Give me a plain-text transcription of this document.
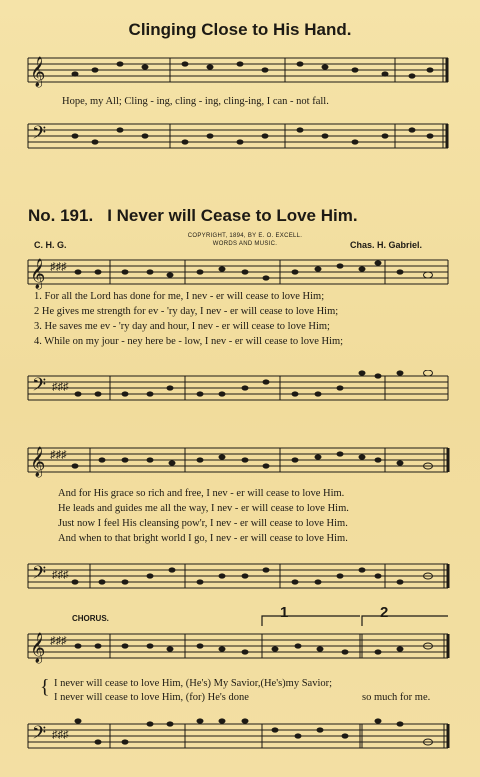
Clinging Close to His Hand.
𝄞
Hope, my All; Cling - ing, cling - ing, cling-ing, I can - not fall.
𝄢
No. 191. I Never will Cease to Love Him.
COPYRIGHT, 1894, BY E. O. EXCELL.
WORDS AND MUSIC.
C. H. G.	Chas. H. Gabriel.
𝄞 ♯♯♯
1. For all the Lord has done for me, I nev - er will cease to love Him;
2 He gives me strength for ev - 'ry day, I nev - er will cease to love Him;
3. He saves me ev - 'ry day and hour, I nev - er will cease to love Him;
4. While on my jour - ney here be - low, I nev - er will cease to love Him;
𝄢 ♯♯♯
𝄞 ♯♯♯
And for His grace so rich and free, I nev - er will cease to love Him.
He leads and guides me all the way, I nev - er will cease to love Him.
Just now I feel His cleansing pow'r, I nev - er will cease to love Him.
And when to that bright world I go, I nev - er will cease to love Him.
𝄢 ♯♯♯
CHORUS.	1	2
𝄞 ♯♯♯
{ I never will cease to love Him, (He's) My Savior,(He's)my Savior;
I never will cease to love Him, (for) He's done	so much for me.
𝄢 ♯♯♯
